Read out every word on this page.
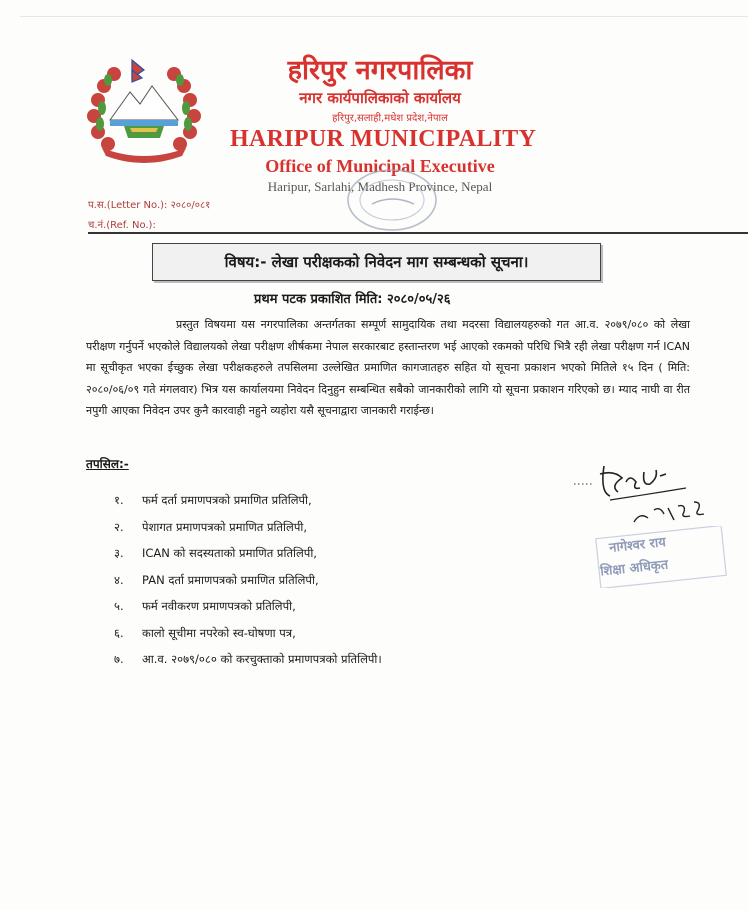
हरिपुर नगरपालिका
नगर कार्यपालिकाको कार्यालय
हरिपुर,सलाही,मधेश प्रदेश,नेपाल
HARIPUR MUNICIPALITY
Office of Municipal Executive
Haripur, Sarlahi, Madhesh Province, Nepal
प.स.(Letter No.): २०८०/०८१
च.नं.(Ref. No.):
विषय:- लेखा परीक्षकको निवेदन माग सम्बन्धको सूचना।
प्रथम पटक प्रकाशित मिति: २०८०/०५/२६

प्रस्तुत विषयमा यस नगरपालिका अन्तर्गतका सम्पूर्ण सामुदायिक तथा मदरसा विद्यालयहरुको गत आ.व. २०७९/०८० को लेखा परीक्षण गर्नुपर्ने भएकोले विद्यालयको लेखा परीक्षण शीर्षकमा नेपाल सरकारबाट हस्तान्तरण भई आएको रकमको परिधि भित्रै रही लेखा परीक्षण गर्न ICAN मा सूचीकृत भएका ईच्छुक लेखा परीक्षकहरुले तपसिलमा उल्लेखित प्रमाणित कागजातहरु सहित यो सूचना प्रकाशन भएको मितिले १५ दिन ( मिति: २०८०/०६/०९ गते मंगलवार) भित्र यस कार्यालयमा निवेदन दिनुहुन सम्बन्धित सबैको जानकारीको लागि यो सूचना प्रकाशन गरिएको छ। म्याद नाघी वा रीत नपुगी आएका निवेदन उपर कुनै कारवाही नहुने व्यहोरा यसै सूचनाद्वारा जानकारी गराईन्छ।

तपसिल:-
१. फर्म दर्ता प्रमाणपत्रको प्रमाणित प्रतिलिपी,
२. पेशागत प्रमाणपत्रको प्रमाणित प्रतिलिपी,
३. ICAN को सदस्यताको प्रमाणित प्रतिलिपी,
४. PAN दर्ता प्रमाणपत्रको प्रमाणित प्रतिलिपी,
५. फर्म नवीकरण प्रमाणपत्रको प्रतिलिपी,
६. कालो सूचीमा नपरेको स्व-घोषणा पत्र,
७. आ.व. २०७९/०८० को करचुक्ताको प्रमाणपत्रको प्रतिलिपी।
नागेश्वर राय
शिक्षा अधिकृत
